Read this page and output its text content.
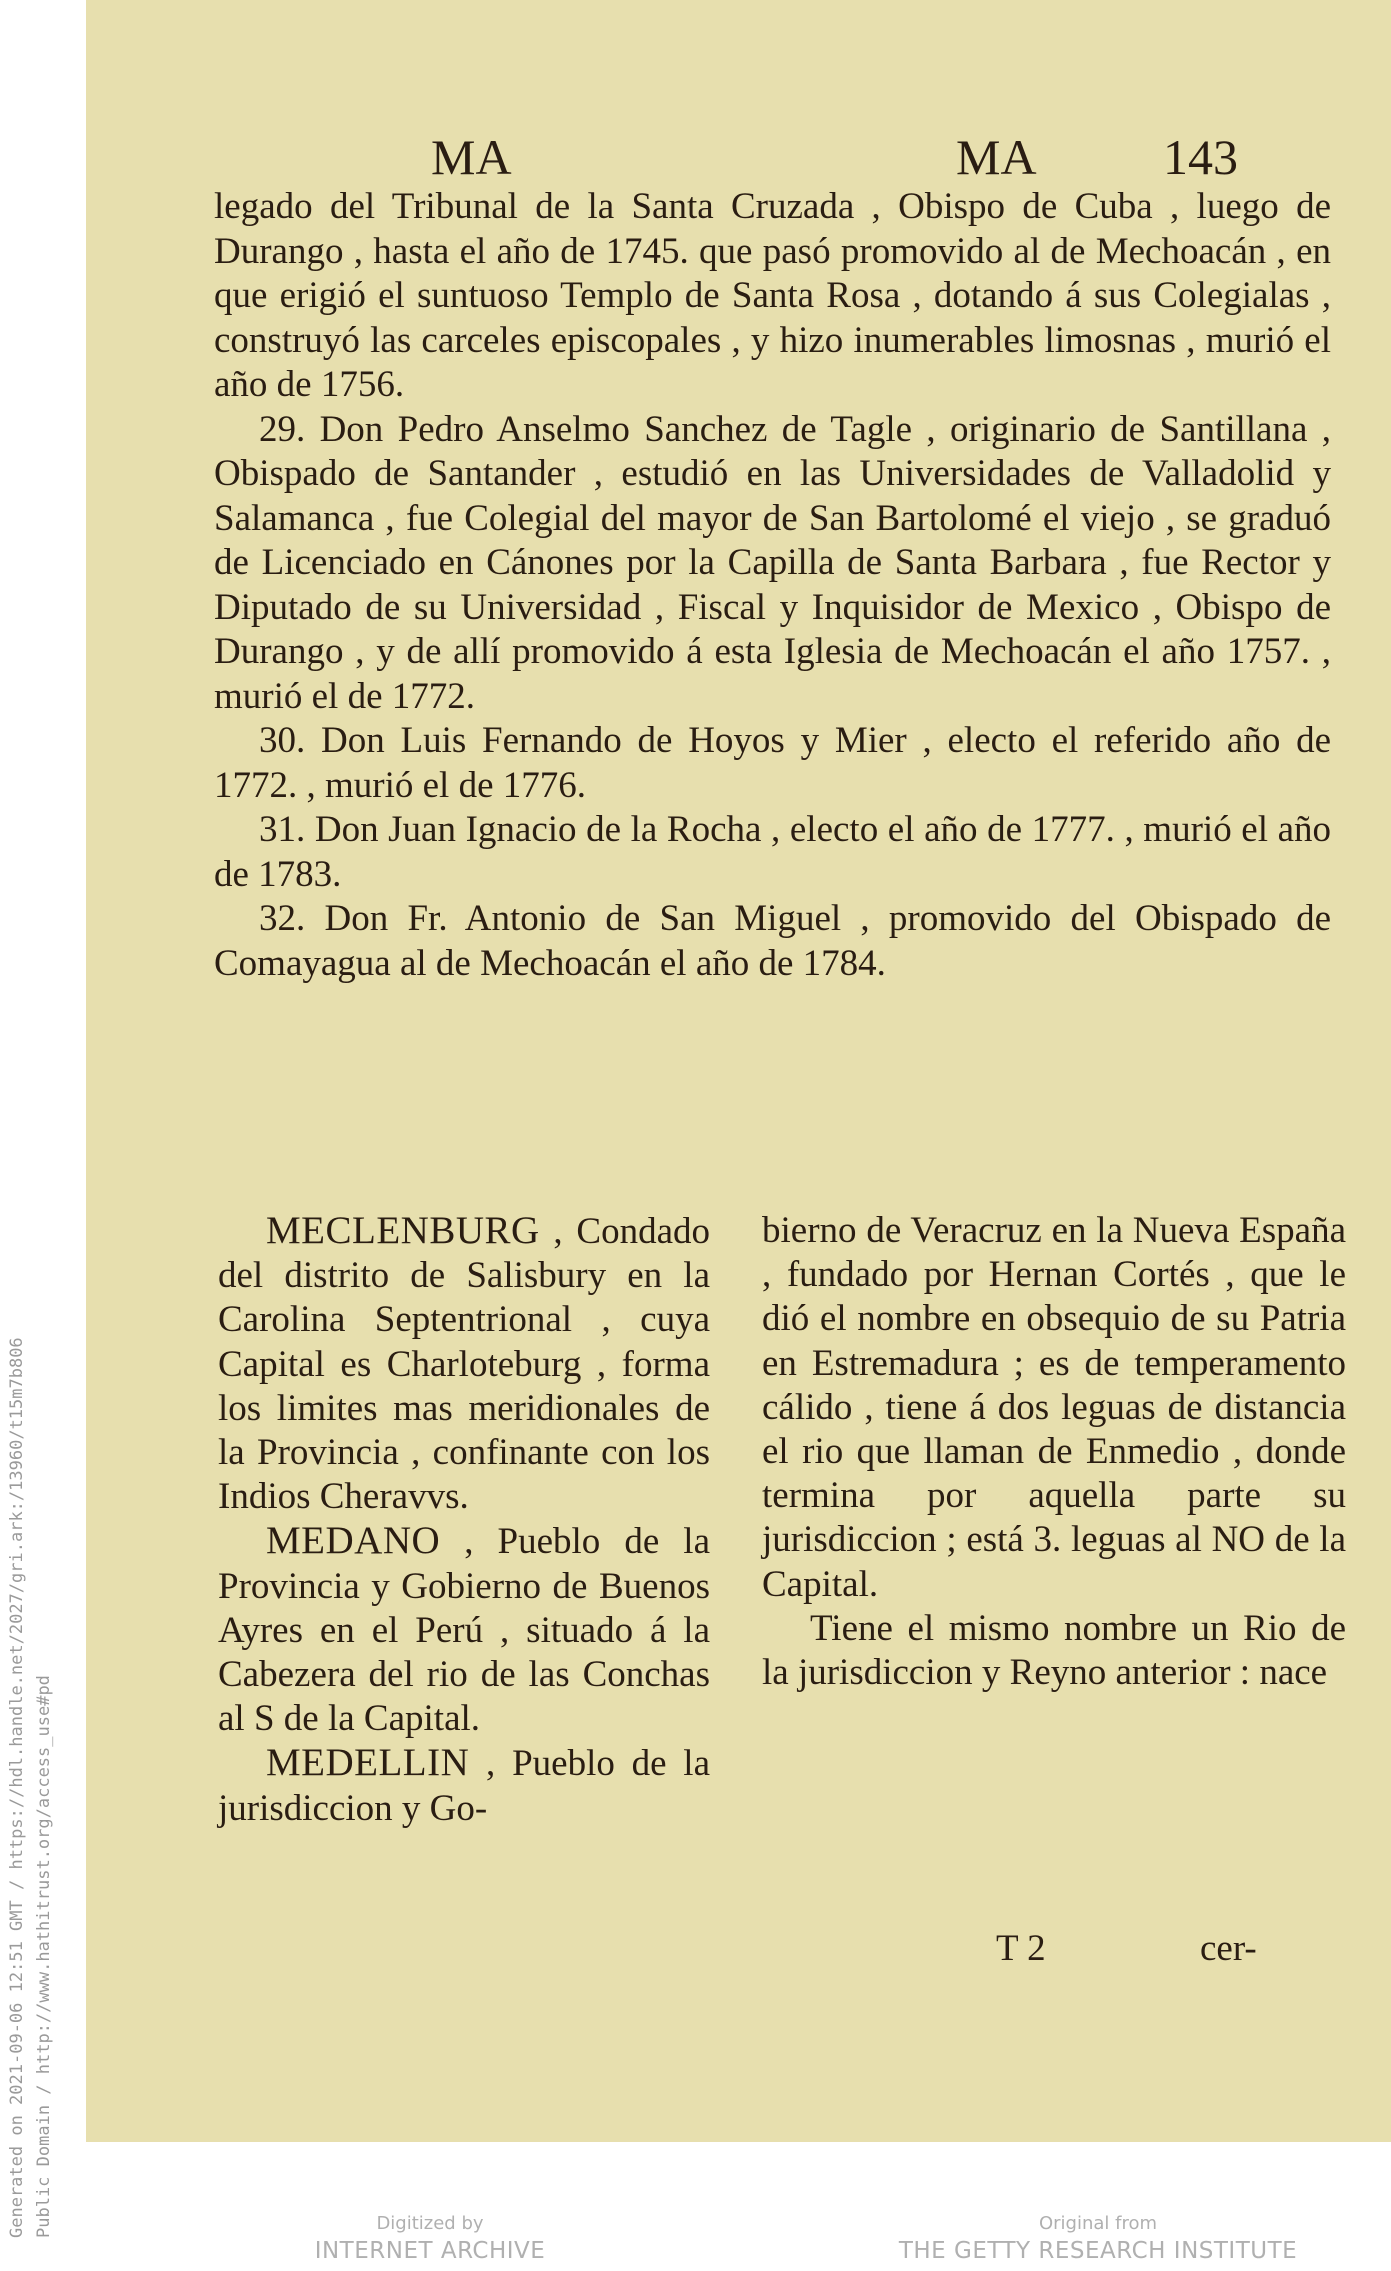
Generated on 2021-09-06 12:51 GMT / https://hdl.handle.net/2027/gri.ark:/13960/t15m7b806 Public Domain / http://www.hathitrust.org/access_use#pd
MA	MA	143

legado del Tribunal de la Santa Cruzada , Obispo de Cuba , luego de Durango , hasta el año de 1745. que pasó promovido al de Mechoacán , en que erigió el suntuoso Templo de Santa Rosa , dotando á sus Colegialas , construyó las carceles episcopales , y hizo inumerables limosnas , murió el año de 1756.

29. Don Pedro Anselmo Sanchez de Tagle , originario de Santillana , Obispado de Santander , estudió en las Universidades de Valladolid y Salamanca , fue Colegial del mayor de San Bartolomé el viejo , se graduó de Licenciado en Cánones por la Capilla de Santa Barbara , fue Rector y Diputado de su Universidad , Fiscal y Inquisidor de Mexico , Obispo de Durango , y de allí promovido á esta Iglesia de Mechoacán el año 1757. , murió el de 1772.

30. Don Luis Fernando de Hoyos y Mier , electo el referido año de 1772. , murió el de 1776.

31. Don Juan Ignacio de la Rocha , electo el año de 1777. , murió el año de 1783.

32. Don Fr. Antonio de San Miguel , promovido del Obispado de Comayagua al de Mechoacán el año de 1784.

MECLENBURG , Condado del distrito de Salisbury en la Carolina Septentrional , cuya Capital es Charloteburg , forma los limites mas meridionales de la Provincia , confinante con los Indios Cheravvs.

MEDANO , Pueblo de la Provincia y Gobierno de Buenos Ayres en el Perú , situado á la Cabezera del rio de las Conchas al S de la Capital.

MEDELLIN , Pueblo de la jurisdiccion y Go-

bierno de Veracruz en la Nueva España , fundado por Hernan Cortés , que le dió el nombre en obsequio de su Patria en Estremadura ; es de temperamento cálido , tiene á dos leguas de distancia el rio que llaman de Enmedio , donde termina por aquella parte su jurisdiccion ; está 3. leguas al NO de la Capital.

Tiene el mismo nombre un Rio de la jurisdiccion y Reyno anterior : nace

T 2	cer-
Digitized by
INTERNET ARCHIVE
Original from
THE GETTY RESEARCH INSTITUTE
